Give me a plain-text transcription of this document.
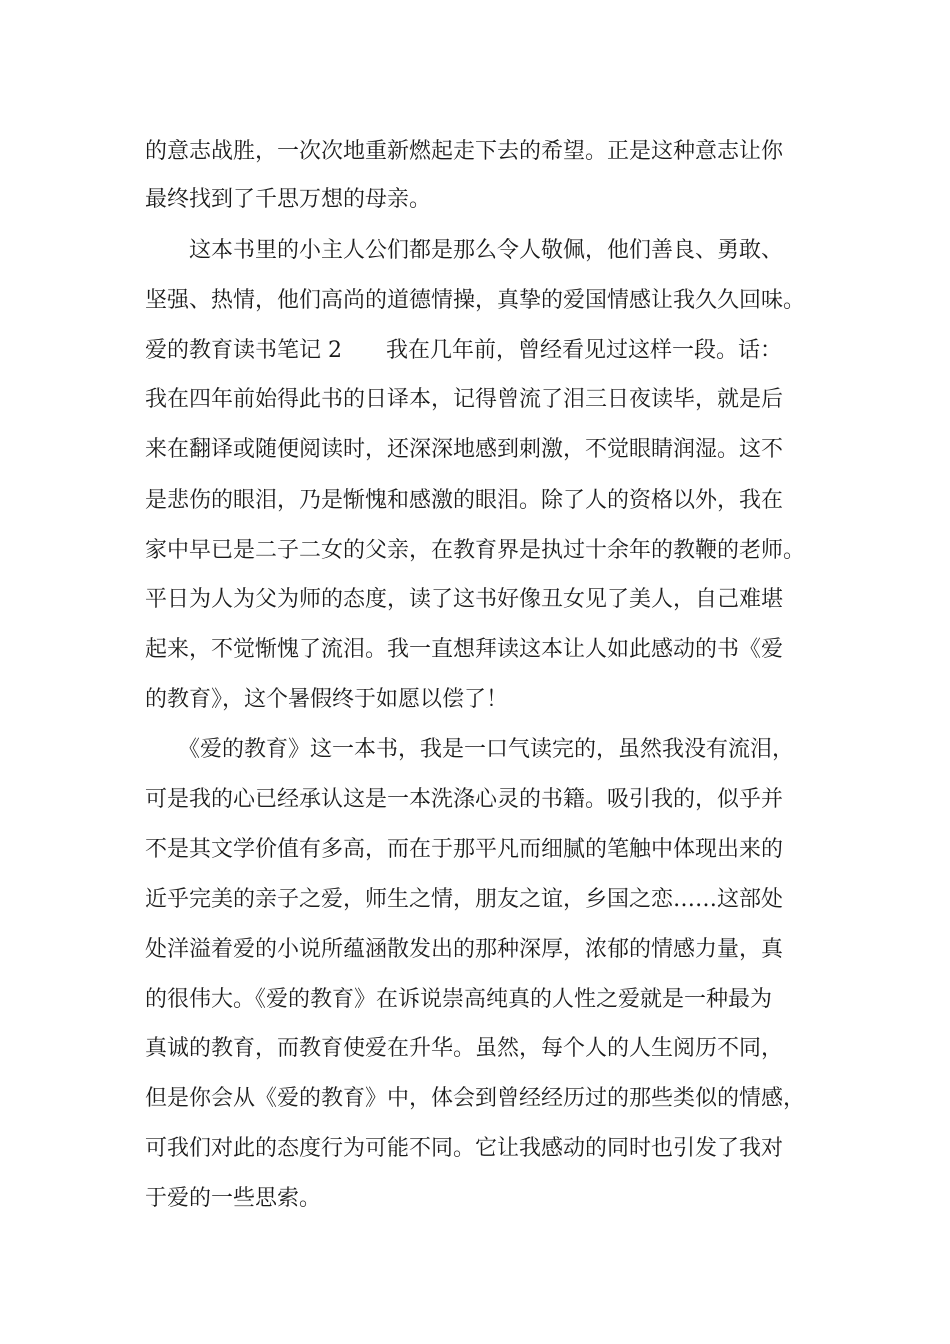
的意志战胜，一次次地重新燃起走下去的希望。正是这种意志让你

最终找到了千思万想的母亲。

　　这本书里的小主人公们都是那么令人敬佩，他们善良、勇敢、

坚强、热情，他们高尚的道德情操，真挚的爱国情感让我久久回味。

爱的教育读书笔记 2　　我在几年前，曾经看见过这样一段。话：

我在四年前始得此书的日译本，记得曾流了泪三日夜读毕，就是后

来在翻译或随便阅读时，还深深地感到刺激，不觉眼睛润湿。这不

是悲伤的眼泪，乃是惭愧和感激的眼泪。除了人的资格以外，我在

家中早已是二子二女的父亲，在教育界是执过十余年的教鞭的老师。

平日为人为父为师的态度，读了这书好像丑女见了美人，自己难堪

起来，不觉惭愧了流泪。我一直想拜读这本让人如此感动的书《爱

的教育》，这个暑假终于如愿以偿了！

　　《爱的教育》这一本书，我是一口气读完的，虽然我没有流泪，

可是我的心已经承认这是一本洗涤心灵的书籍。吸引我的，似乎并

不是其文学价值有多高，而在于那平凡而细腻的笔触中体现出来的

近乎完美的亲子之爱，师生之情，朋友之谊，乡国之恋……这部处

处洋溢着爱的小说所蕴涵散发出的那种深厚，浓郁的情感力量，真

的很伟大。《爱的教育》在诉说崇高纯真的人性之爱就是一种最为

真诚的教育，而教育使爱在升华。虽然，每个人的人生阅历不同，

但是你会从《爱的教育》中，体会到曾经经历过的那些类似的情感，

可我们对此的态度行为可能不同。它让我感动的同时也引发了我对

于爱的一些思索。
